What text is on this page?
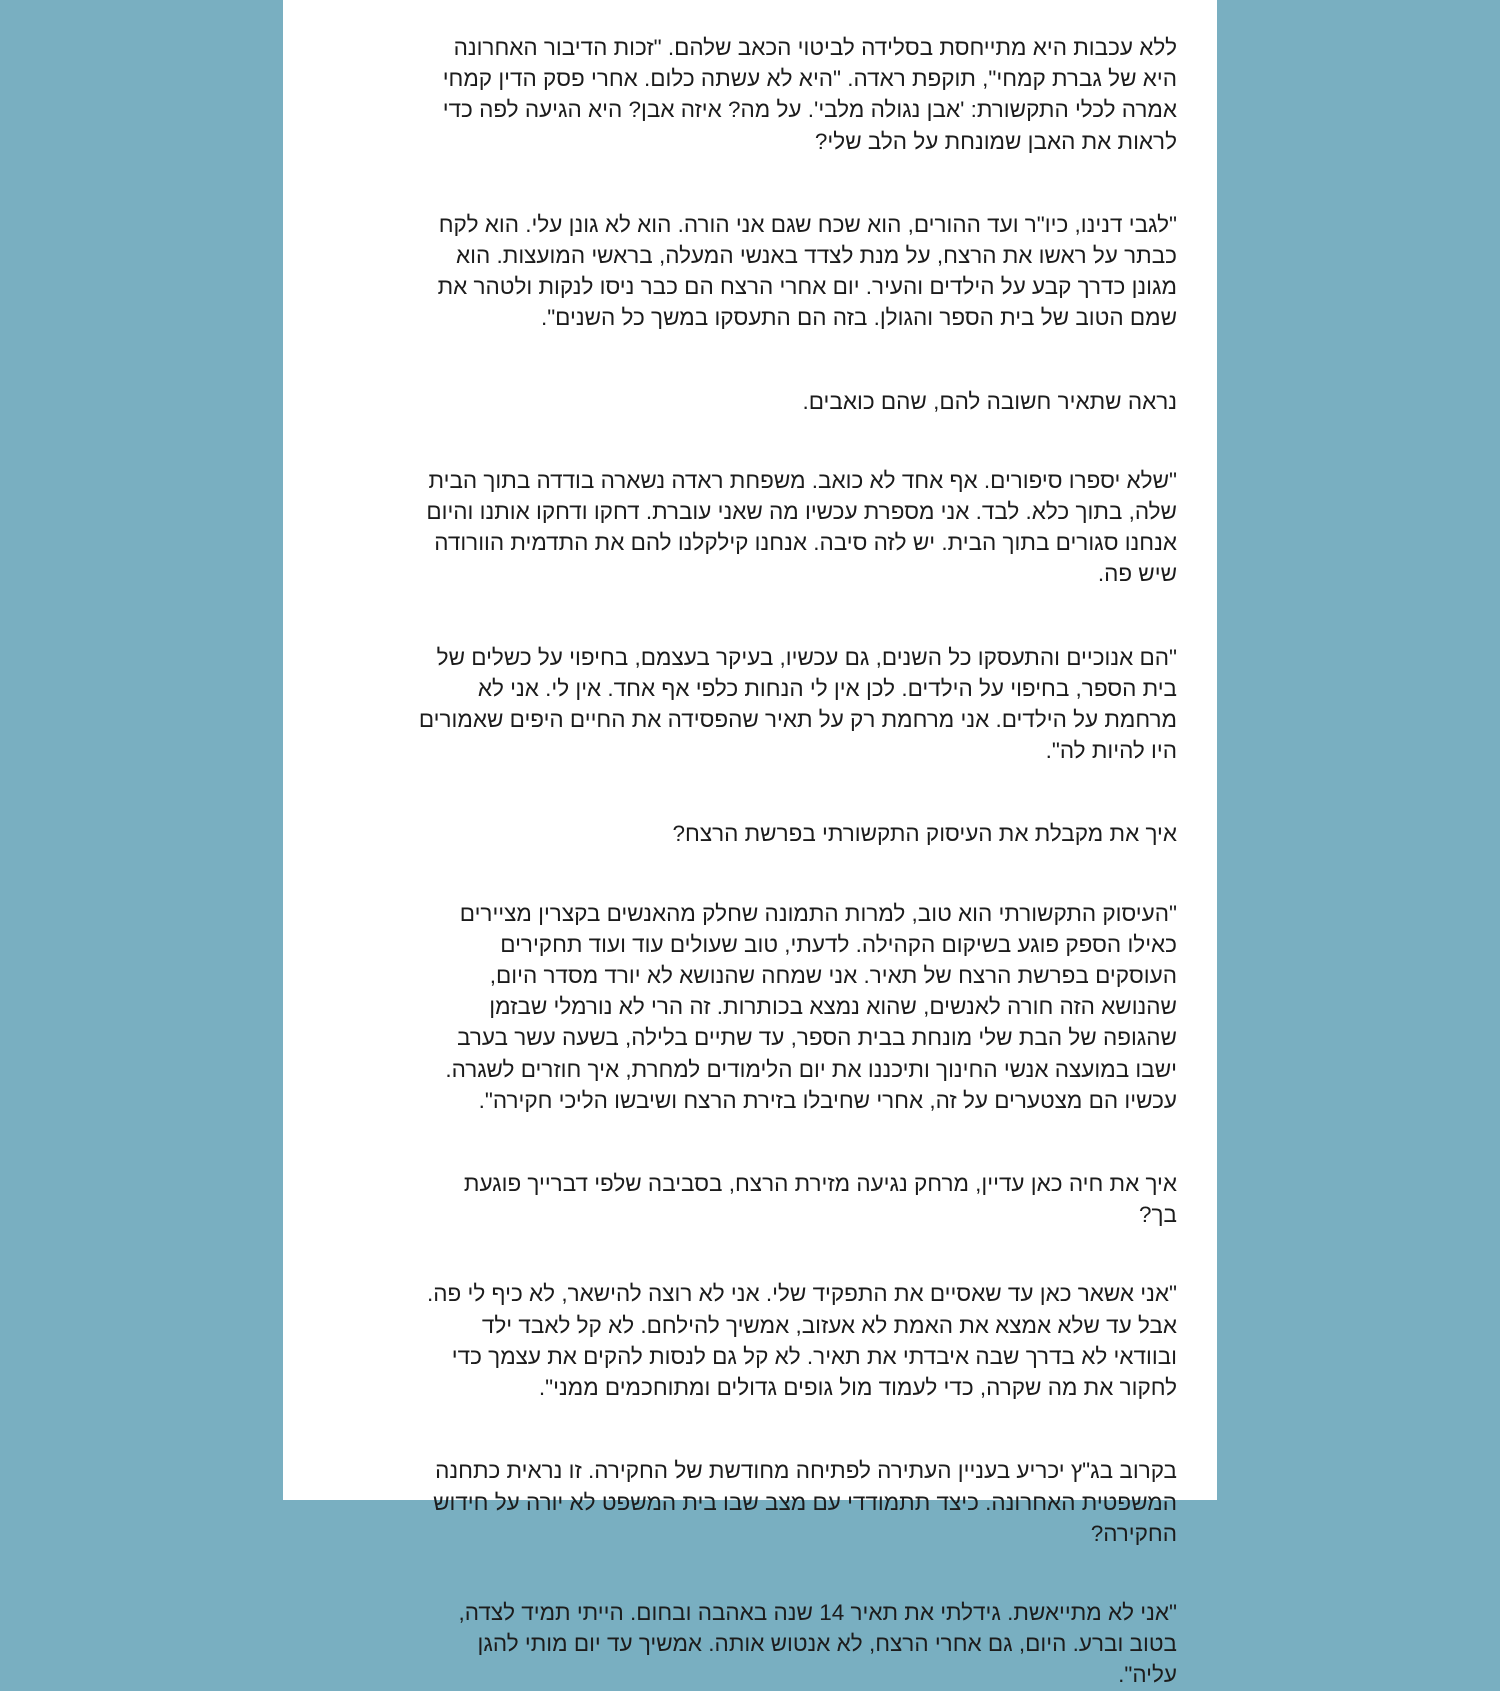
ללא עכבות היא מתייחסת בסלידה לביטוי הכאב שלהם. "זכות הדיבור האחרונה
היא של גברת קמחי", תוקפת ראדה. "היא לא עשתה כלום. אחרי פסק הדין קמחי
אמרה לכלי התקשורת: 'אבן נגולה מלבי'. על מה? איזה אבן? היא הגיעה לפה כדי
לראות את האבן שמונחת על הלב שלי?

"לגבי דנינו, כיו"ר ועד ההורים, הוא שכח שגם אני הורה. הוא לא גונן עלי. הוא לקח
כבתר על ראשו את הרצח, על מנת לצדד באנשי המעלה, בראשי המועצות. הוא
מגונן כדרך קבע על הילדים והעיר. יום אחרי הרצח הם כבר ניסו לנקות ולטהר את
שמם הטוב של בית הספר והגולן. בזה הם התעסקו במשך כל השנים".

נראה שתאיר חשובה להם, שהם כואבים.

"שלא יספרו סיפורים. אף אחד לא כואב. משפחת ראדה נשארה בודדה בתוך הבית
שלה, בתוך כלא. לבד. אני מספרת עכשיו מה שאני עוברת. דחקו ודחקו אותנו והיום
אנחנו סגורים בתוך הבית. יש לזה סיבה. אנחנו קילקלנו להם את התדמית הוורודה
שיש פה.

"הם אנוכיים והתעסקו כל השנים, גם עכשיו, בעיקר בעצמם, בחיפוי על כשלים של
בית הספר, בחיפוי על הילדים. לכן אין לי הנחות כלפי אף אחד. אין לי. אני לא
מרחמת על הילדים. אני מרחמת רק על תאיר שהפסידה את החיים היפים שאמורים
היו להיות לה".

איך את מקבלת את העיסוק התקשורתי בפרשת הרצח?

"העיסוק התקשורתי הוא טוב, למרות התמונה שחלק מהאנשים בקצרין מציירים
כאילו הספק פוגע בשיקום הקהילה. לדעתי, טוב שעולים עוד ועוד תחקירים
העוסקים בפרשת הרצח של תאיר. אני שמחה שהנושא לא יורד מסדר היום,
שהנושא הזה חורה לאנשים, שהוא נמצא בכותרות. זה הרי לא נורמלי שבזמן
שהגופה של הבת שלי מונחת בבית הספר, עד שתיים בלילה, בשעה עשר בערב
ישבו במועצה אנשי החינוך ותיכננו את יום הלימודים למחרת, איך חוזרים לשגרה.
עכשיו הם מצטערים על זה, אחרי שחיבלו בזירת הרצח ושיבשו הליכי חקירה".

איך את חיה כאן עדיין, מרחק נגיעה מזירת הרצח, בסביבה שלפי דברייך פוגעת
בך?

"אני אשאר כאן עד שאסיים את התפקיד שלי. אני לא רוצה להישאר, לא כיף לי פה.
אבל עד שלא אמצא את האמת לא אעזוב, אמשיך להילחם. לא קל לאבד ילד
ובוודאי לא בדרך שבה איבדתי את תאיר. לא קל גם לנסות להקים את עצמך כדי
לחקור את מה שקרה, כדי לעמוד מול גופים גדולים ומתוחכמים ממני".

בקרוב בג"ץ יכריע בעניין העתירה לפתיחה מחודשת של החקירה. זו נראית כתחנה
המשפטית האחרונה. כיצד תתמודדי עם מצב שבו בית המשפט לא יורה על חידוש
החקירה?

"אני לא מתייאשת. גידלתי את תאיר 14 שנה באהבה ובחום. הייתי תמיד לצדה,
בטוב וברע. היום, גם אחרי הרצח, לא אנטוש אותה. אמשיך עד יום מותי להגן
עליה".
